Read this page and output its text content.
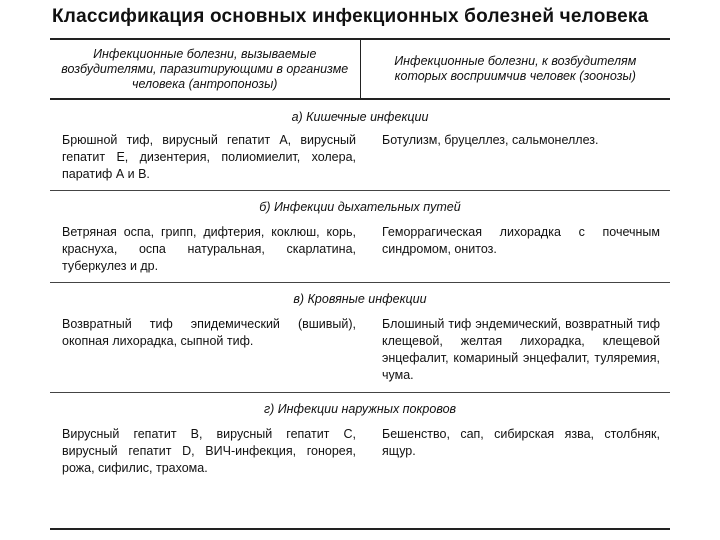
Классификация основных инфекционных болезней человека
Инфекционные болезни, вызываемые возбудителями, паразитирующими в организме человека (антропонозы)
Инфекционные болезни, к возбудителям которых восприимчив человек (зоонозы)
а) Кишечные инфекции
Брюшной тиф, вирусный гепатит А, вирусный гепатит Е, дизентерия, полиомиелит, холера, паратиф А и В.
Ботулизм, бруцеллез, сальмонеллез.
б) Инфекции дыхательных путей
Ветряная оспа, грипп, дифтерия, коклюш, корь, краснуха, оспа натуральная, скарлатина, туберкулез и др.
Геморрагическая лихорадка с почечным синдромом, онитоз.
в) Кровяные инфекции
Возвратный тиф эпидемический (вшивый), окопная лихорадка, сыпной тиф.
Блошиный тиф эндемический, возвратный тиф клещевой, желтая лихорадка, клещевой энцефалит, комариный энцефалит, туляремия, чума.
г) Инфекции наружных покровов
Вирусный гепатит В, вирусный гепатит С, вирусный гепатит D, ВИЧ-инфекция, гонорея, рожа, сифилис, трахома.
Бешенство, сап, сибирская язва, столбняк, ящур.
